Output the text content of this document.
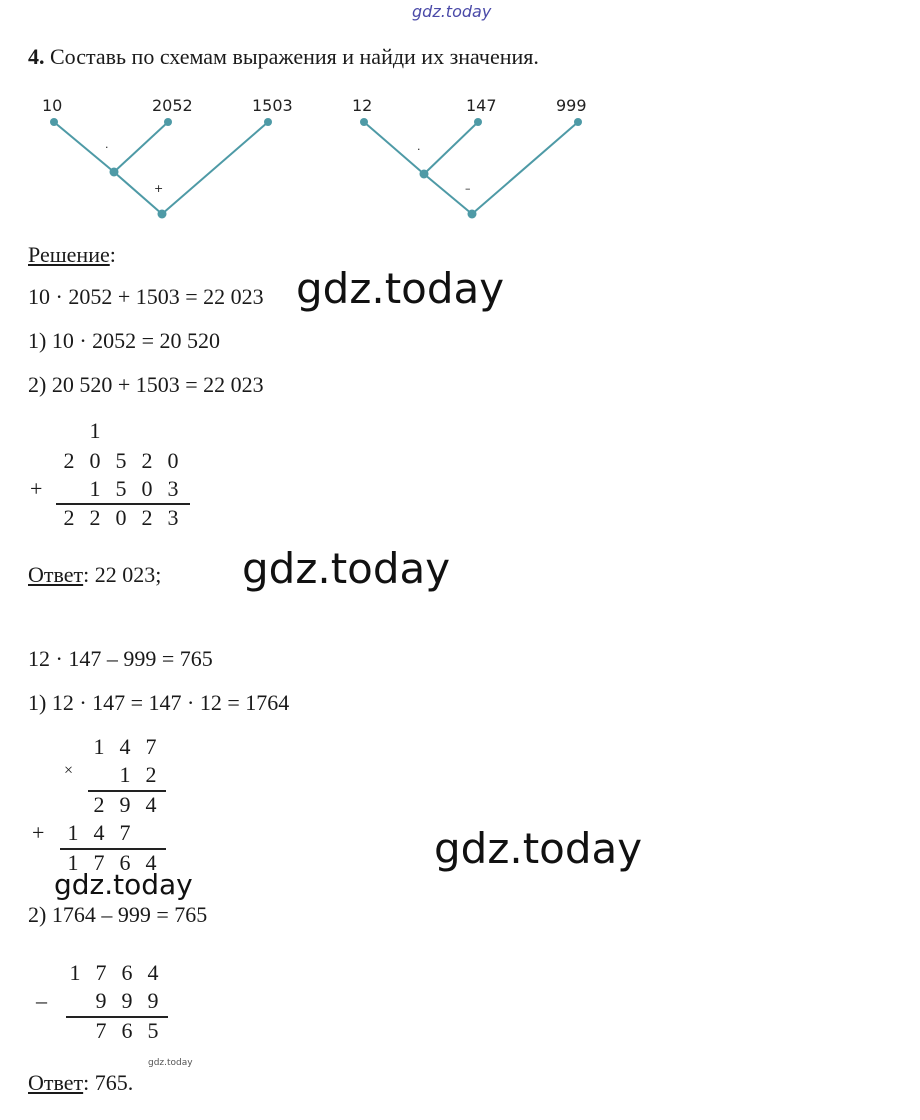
gdz.today
4. Составь по схемам выражения и найди их значения.
10	2052	1503
·
+
12	147	999
·
–
Решение:
10 · 2052 + 1503 = 22 023 gdz.today
1) 10 · 2052 = 20 520
2) 20 520 + 1503 = 22 023
1
2 0 5 2 0
+	1 5 0 3
2 2 0 2 3
Ответ: 22 023; gdz.today
12 · 147 – 999 = 765
1) 12 · 147 = 147 · 12 = 1764
1 4 7
×	1 2
2 9 4
+	1 4 7
1 7 6 4	gdz.today
gdz.today
2) 1764 – 999 = 765
1 7 6 4
–	9 9 9
7 6 5
gdz.today
Ответ: 765.
